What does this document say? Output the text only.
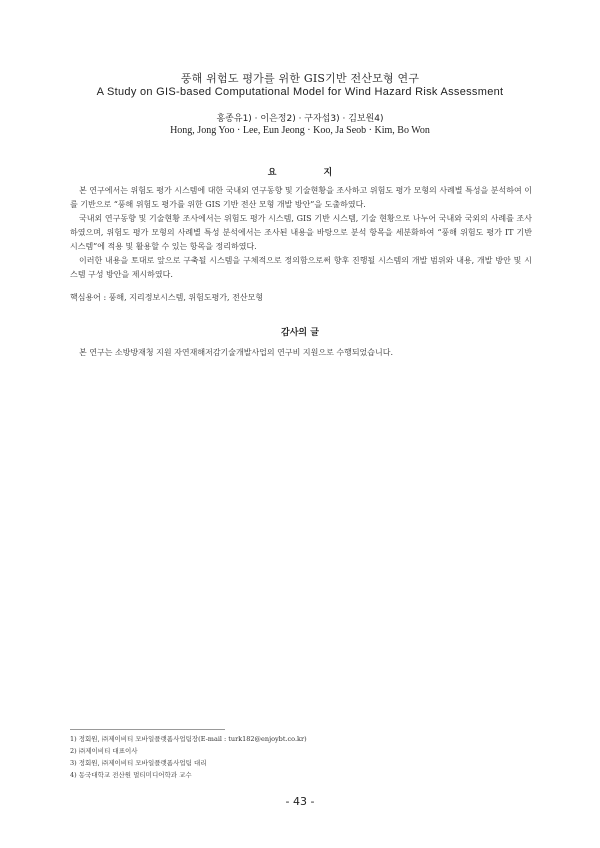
풍해 위험도 평가를 위한 GIS기반 전산모형 연구
A Study on GIS-based Computational Model for Wind Hazard Risk Assessment
홍종유1) · 이은정2) · 구자섭3) · 김보원4)
Hong, Jong Yoo · Lee, Eun Jeong · Koo, Ja Seob · Kim, Bo Won
요 지

본 연구에서는 위험도 평가 시스템에 대한 국내외 연구동향 및 기술현황을 조사하고 위험도 평가 모형의 사례별 특성을 분석하여 이를 기반으로 “풍해 위험도 평가를 위한 GIS 기반 전산 모형 개발 방안”을 도출하였다.

국내외 연구동향 및 기술현황 조사에서는 위험도 평가 시스템, GIS 기반 시스템, 기술 현황으로 나누어 국내와 국외의 사례를 조사하였으며, 위험도 평가 모형의 사례별 특성 분석에서는 조사된 내용을 바탕으로 분석 항목을 세분화하여 “풍해 위험도 평가 IT 기반 시스템”에 적용 및 활용할 수 있는 항목을 정리하였다.

이러한 내용을 토대로 앞으로 구축될 시스템을 구체적으로 정의함으로써 향후 진행될 시스템의 개발 범위와 내용, 개발 방안 및 시스템 구성 방안을 제시하였다.

핵심용어 : 풍해, 지리정보시스템, 위험도평가, 전산모형
감사의 글

본 연구는 소방방재청 지원 자연재해저감기술개발사업의 연구비 지원으로 수행되었습니다.

1) 정회원, ㈜제이비티 모바일플랫폼사업팀장(E-mail : turk182@enjoybt.co.kr)
2) ㈜제이비티 대표이사
3) 정회원, ㈜제이비티 모바일플랫폼사업팀 대리
4) 동국대학교 전산원 멀티미디어학과 교수
- 43 -
